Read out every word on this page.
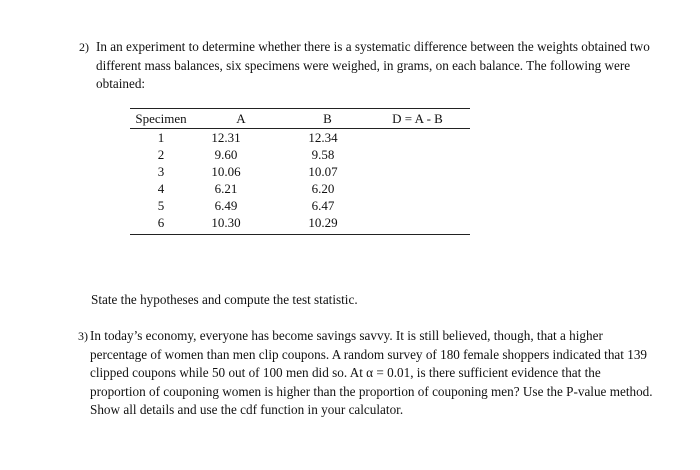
2) In an experiment to determine whether there is a systematic difference between the weights obtained two different mass balances, six specimens were weighed, in grams, on each balance. The following were obtained:
Specimen	A	B	D = A - B
1	12.31	12.34	
2	9.60	9.58	
3	10.06	10.07	
4	6.21	6.20	
5	6.49	6.47	
6	10.30	10.29	
State the hypotheses and compute the test statistic.
3) In today’s economy, everyone has become savings savvy. It is still believed, though, that a higher percentage of women than men clip coupons. A random survey of 180 female shoppers indicated that 139 clipped coupons while 50 out of 100 men did so. At α = 0.01, is there sufficient evidence that the proportion of couponing women is higher than the proportion of couponing men? Use the P-value method. Show all details and use the cdf function in your calculator.
